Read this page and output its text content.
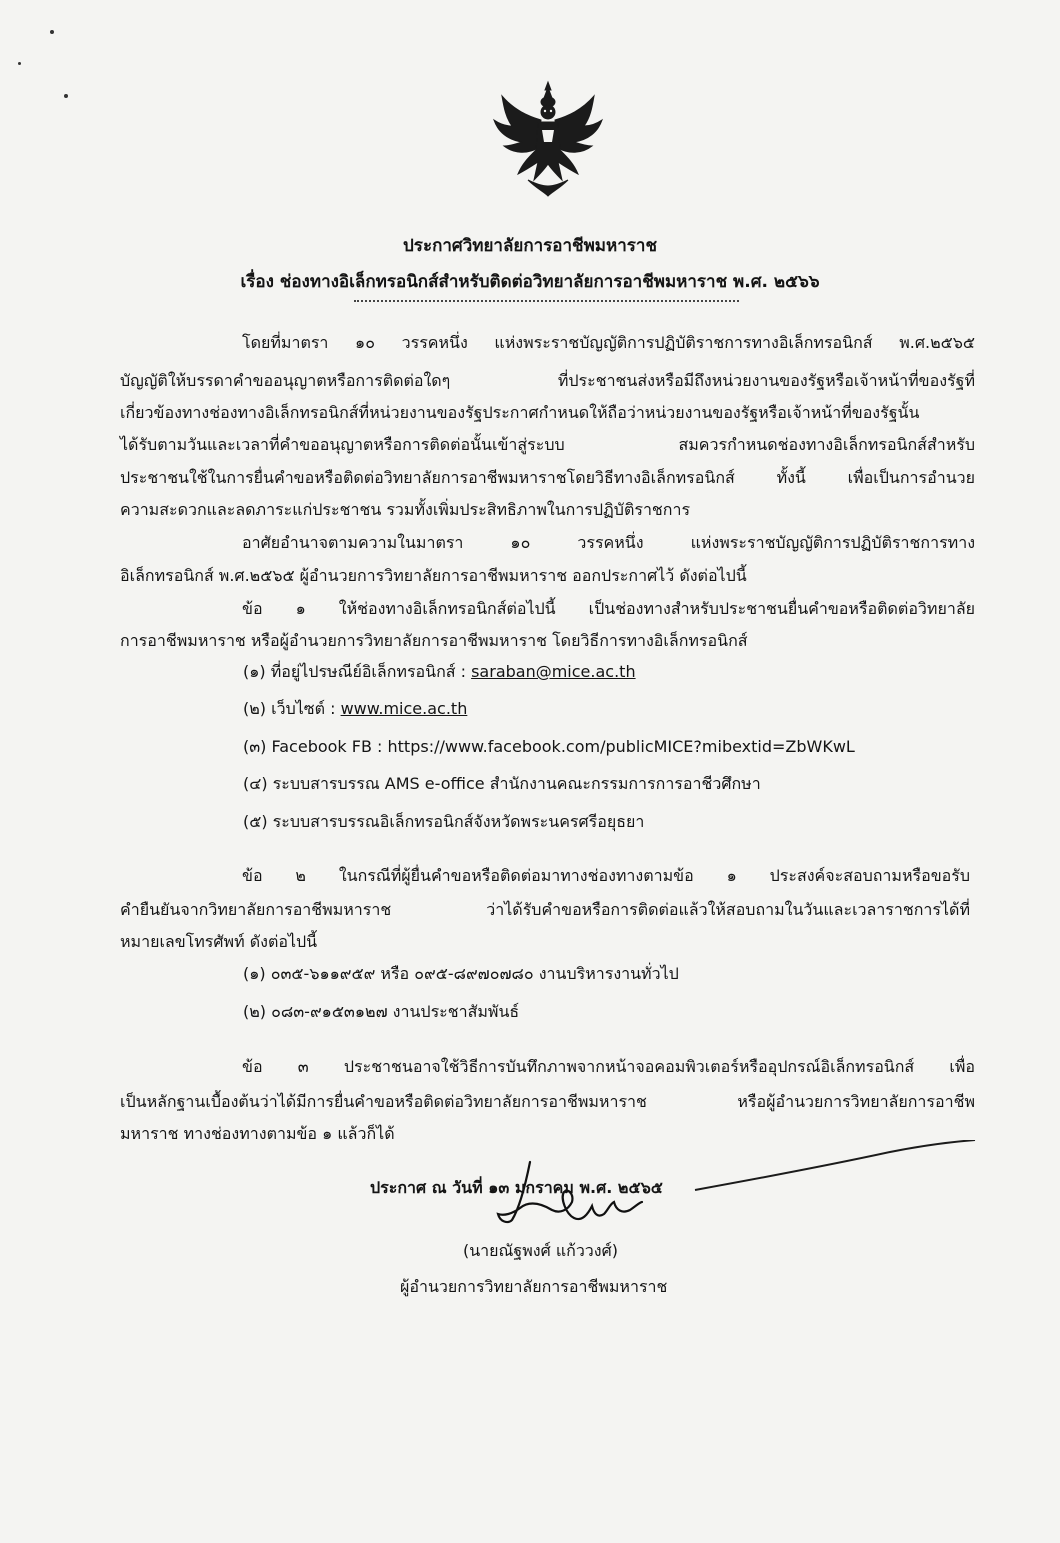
ประกาศวิทยาลัยการอาชีพมหาราช
เรื่อง ช่องทางอิเล็กทรอนิกส์สำหรับติดต่อวิทยาลัยการอาชีพมหาราช พ.ศ. ๒๕๖๖
โดยที่มาตรา ๑๐ วรรคหนึ่ง แห่งพระราชบัญญัติการปฏิบัติราชการทางอิเล็กทรอนิกส์ พ.ศ.๒๕๖๕
บัญญัติให้บรรดาคำขออนุญาตหรือการติดต่อใดๆ ที่ประชาชนส่งหรือมีถึงหน่วยงานของรัฐหรือเจ้าหน้าที่ของรัฐที่
เกี่ยวข้องทางช่องทางอิเล็กทรอนิกส์ที่หน่วยงานของรัฐประกาศกำหนดให้ถือว่าหน่วยงานของรัฐหรือเจ้าหน้าที่ของรัฐนั้น
ได้รับตามวันและเวลาที่คำขออนุญาตหรือการติดต่อนั้นเข้าสู่ระบบ สมควรกำหนดช่องทางอิเล็กทรอนิกส์สำหรับ
ประชาชนใช้ในการยื่นคำขอหรือติดต่อวิทยาลัยการอาชีพมหาราชโดยวิธีทางอิเล็กทรอนิกส์ ทั้งนี้ เพื่อเป็นการอำนวย
ความสะดวกและลดภาระแก่ประชาชน รวมทั้งเพิ่มประสิทธิภาพในการปฏิบัติราชการ
อาศัยอำนาจตามความในมาตรา ๑๐ วรรคหนึ่ง แห่งพระราชบัญญัติการปฏิบัติราชการทาง
อิเล็กทรอนิกส์ พ.ศ.๒๕๖๕ ผู้อำนวยการวิทยาลัยการอาชีพมหาราช ออกประกาศไว้ ดังต่อไปนี้
ข้อ ๑ ให้ช่องทางอิเล็กทรอนิกส์ต่อไปนี้ เป็นช่องทางสำหรับประชาชนยื่นคำขอหรือติดต่อวิทยาลัย
การอาชีพมหาราช หรือผู้อำนวยการวิทยาลัยการอาชีพมหาราช โดยวิธีการทางอิเล็กทรอนิกส์
(๑) ที่อยู่ไปรษณีย์อิเล็กทรอนิกส์ : saraban@mice.ac.th
(๒) เว็บไซต์ : www.mice.ac.th
(๓) Facebook FB : https://www.facebook.com/publicMICE?mibextid=ZbWKwL
(๔) ระบบสารบรรณ AMS e-office สำนักงานคณะกรรมการการอาชีวศึกษา
(๕) ระบบสารบรรณอิเล็กทรอนิกส์จังหวัดพระนครศรีอยุธยา
ข้อ ๒ ในกรณีที่ผู้ยื่นคำขอหรือติดต่อมาทางช่องทางตามข้อ ๑ ประสงค์จะสอบถามหรือขอรับ
คำยืนยันจากวิทยาลัยการอาชีพมหาราช ว่าได้รับคำขอหรือการติดต่อแล้วให้สอบถามในวันและเวลาราชการได้ที่
หมายเลขโทรศัพท์ ดังต่อไปนี้
(๑) ๐๓๕-๖๑๑๙๕๙ หรือ ๐๙๕-๘๙๗๐๗๘๐ งานบริหารงานทั่วไป
(๒) ๐๘๓-๙๑๕๓๑๒๗ งานประชาสัมพันธ์
ข้อ ๓ ประชาชนอาจใช้วิธีการบันทึกภาพจากหน้าจอคอมพิวเตอร์หรืออุปกรณ์อิเล็กทรอนิกส์ เพื่อ
เป็นหลักฐานเบื้องต้นว่าได้มีการยื่นคำขอหรือติดต่อวิทยาลัยการอาชีพมหาราช หรือผู้อำนวยการวิทยาลัยการอาชีพ
มหาราช ทางช่องทางตามข้อ ๑ แล้วก็ได้
ประกาศ ณ วันที่ ๑๓ มกราคม พ.ศ. ๒๕๖๕
(นายณัฐพงศ์ แก้ววงศ์)
ผู้อำนวยการวิทยาลัยการอาชีพมหาราช
